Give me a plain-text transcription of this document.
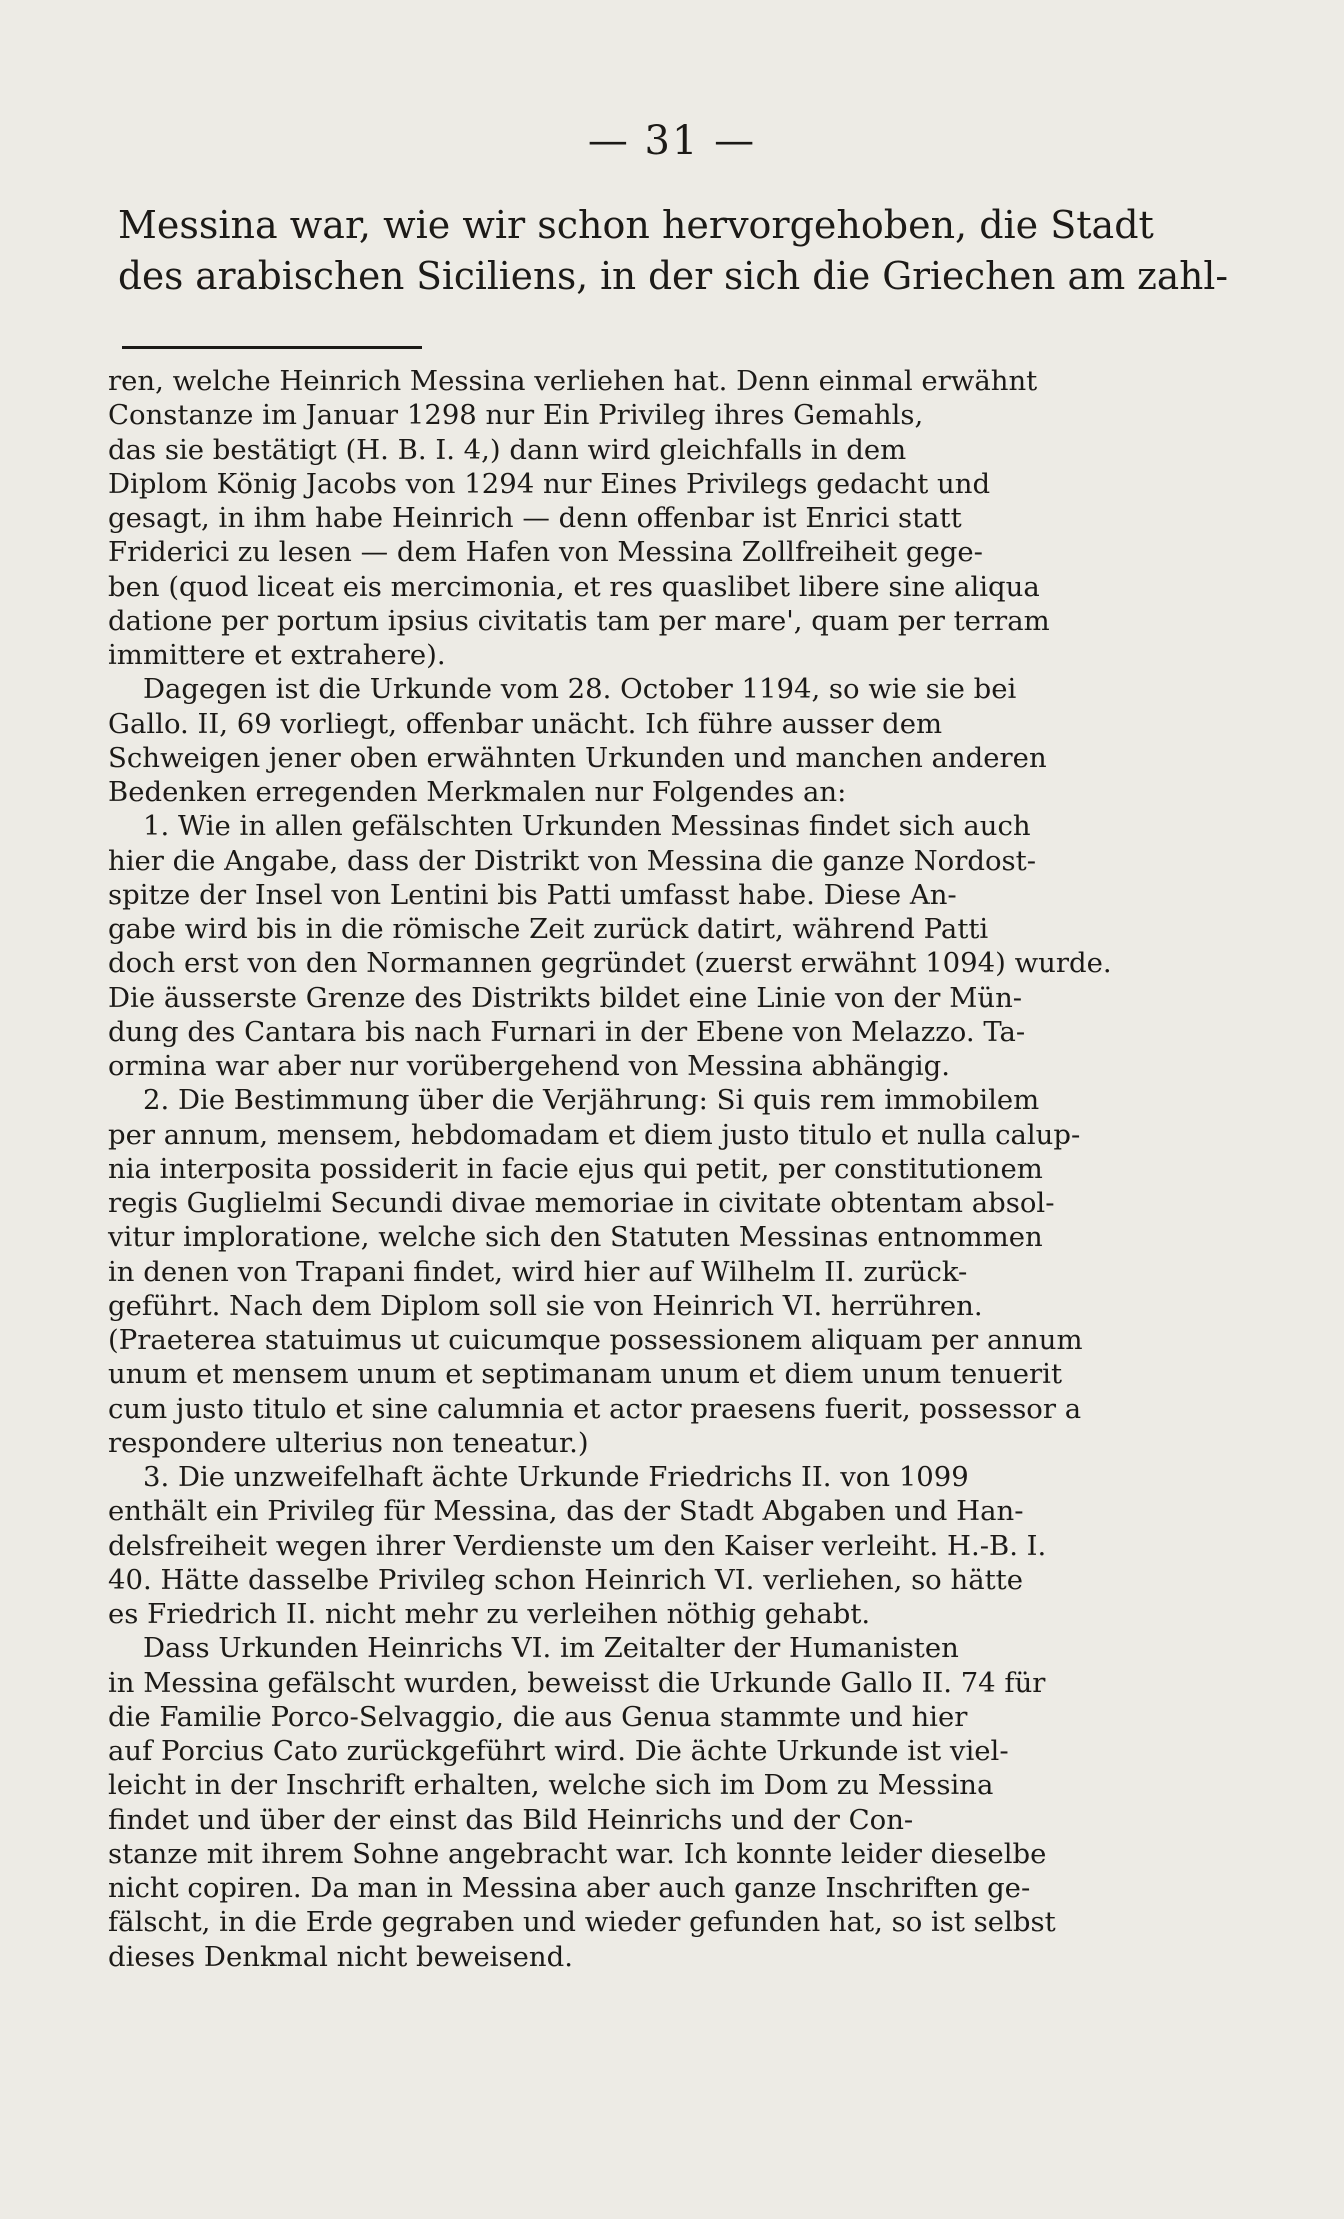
— 31 —
Messina war, wie wir schon hervorgehoben, die Stadt
des arabischen Siciliens, in der sich die Griechen am zahl-
ren, welche Heinrich Messina verliehen hat. Denn einmal erwähnt
Constanze im Januar 1298 nur Ein Privileg ihres Gemahls,
das sie bestätigt (H. B. I. 4,) dann wird gleichfalls in dem
Diplom König Jacobs von 1294 nur Eines Privilegs gedacht und
gesagt, in ihm habe Heinrich — denn offenbar ist Enrici statt
Friderici zu lesen — dem Hafen von Messina Zollfreiheit gege-
ben (quod liceat eis mercimonia, et res quaslibet libere sine aliqua
datione per portum ipsius civitatis tam per mare', quam per terram
immittere et extrahere).
Dagegen ist die Urkunde vom 28. October 1194, so wie sie bei
Gallo. II, 69 vorliegt, offenbar unächt. Ich führe ausser dem
Schweigen jener oben erwähnten Urkunden und manchen anderen
Bedenken erregenden Merkmalen nur Folgendes an:
1. Wie in allen gefälschten Urkunden Messinas findet sich auch
hier die Angabe, dass der Distrikt von Messina die ganze Nordost-
spitze der Insel von Lentini bis Patti umfasst habe. Diese An-
gabe wird bis in die römische Zeit zurück datirt, während Patti
doch erst von den Normannen gegründet (zuerst erwähnt 1094) wurde.
Die äusserste Grenze des Distrikts bildet eine Linie von der Mün-
dung des Cantara bis nach Furnari in der Ebene von Melazzo. Ta-
ormina war aber nur vorübergehend von Messina abhängig.
2. Die Bestimmung über die Verjährung: Si quis rem immobilem
per annum, mensem, hebdomadam et diem justo titulo et nulla calup-
nia interposita possiderit in facie ejus qui petit, per constitutionem
regis Guglielmi Secundi divae memoriae in civitate obtentam absol-
vitur imploratione, welche sich den Statuten Messinas entnommen
in denen von Trapani findet, wird hier auf Wilhelm II. zurück-
geführt. Nach dem Diplom soll sie von Heinrich VI. herrühren.
(Praeterea statuimus ut cuicumque possessionem aliquam per annum
unum et mensem unum et septimanam unum et diem unum tenuerit
cum justo titulo et sine calumnia et actor praesens fuerit, possessor a
respondere ulterius non teneatur.)
3. Die unzweifelhaft ächte Urkunde Friedrichs II. von 1099
enthält ein Privileg für Messina, das der Stadt Abgaben und Han-
delsfreiheit wegen ihrer Verdienste um den Kaiser verleiht. H.-B. I.
40. Hätte dasselbe Privileg schon Heinrich VI. verliehen, so hätte
es Friedrich II. nicht mehr zu verleihen nöthig gehabt.
Dass Urkunden Heinrichs VI. im Zeitalter der Humanisten
in Messina gefälscht wurden, beweisst die Urkunde Gallo II. 74 für
die Familie Porco-Selvaggio, die aus Genua stammte und hier
auf Porcius Cato zurückgeführt wird. Die ächte Urkunde ist viel-
leicht in der Inschrift erhalten, welche sich im Dom zu Messina
findet und über der einst das Bild Heinrichs und der Con-
stanze mit ihrem Sohne angebracht war. Ich konnte leider dieselbe
nicht copiren. Da man in Messina aber auch ganze Inschriften ge-
fälscht, in die Erde gegraben und wieder gefunden hat, so ist selbst
dieses Denkmal nicht beweisend.
